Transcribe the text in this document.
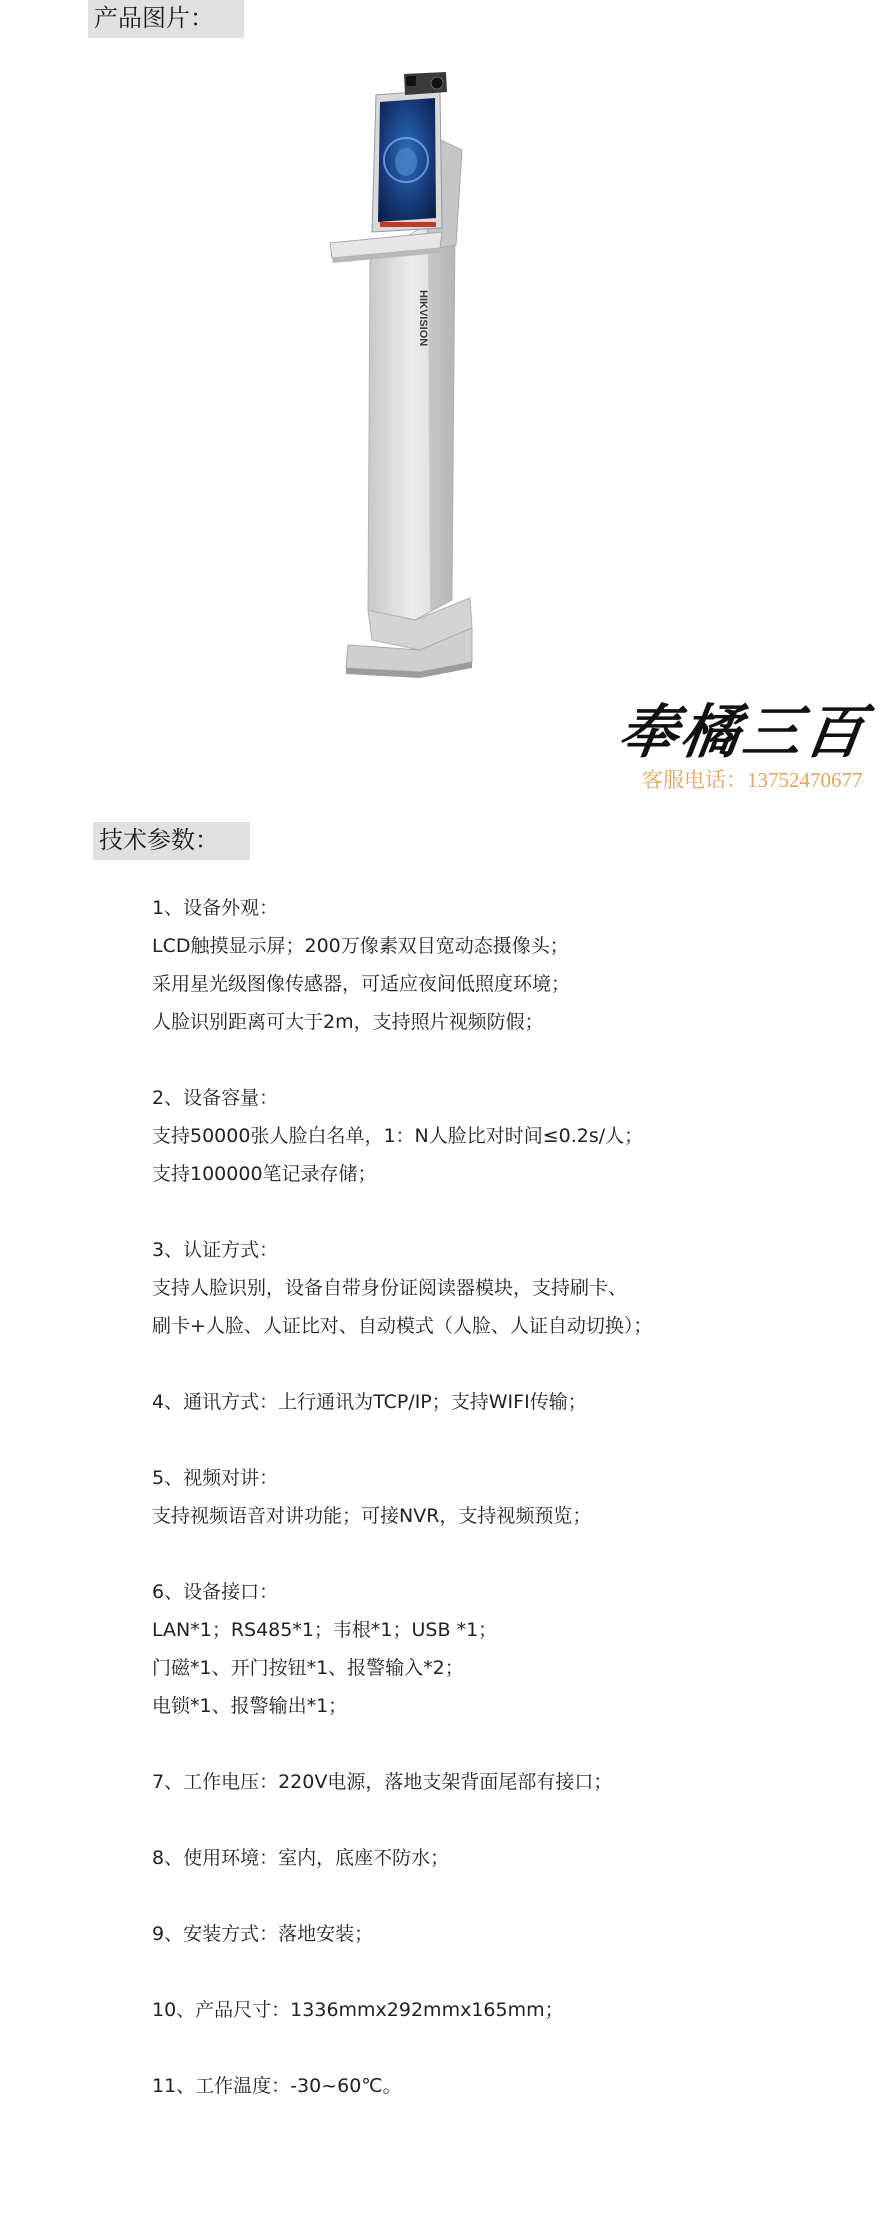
产品图片：
HIKVISION
奉橘三百
客服电话：13752470677
技术参数：
1、设备外观：
LCD触摸显示屏；200万像素双目宽动态摄像头；
采用星光级图像传感器，可适应夜间低照度环境；
人脸识别距离可大于2m，支持照片视频防假；
2、设备容量：
支持50000张人脸白名单，1：N人脸比对时间≤0.2s/人；
支持100000笔记录存储；
3、认证方式：
支持人脸识别，设备自带身份证阅读器模块，支持刷卡、
刷卡+人脸、人证比对、自动模式（人脸、人证自动切换）；
4、通讯方式：上行通讯为TCP/IP；支持WIFI传输；
5、视频对讲：
支持视频语音对讲功能；可接NVR，支持视频预览；
6、设备接口：
LAN*1；RS485*1；韦根*1；USB *1；
门磁*1、开门按钮*1、报警输入*2；
电锁*1、报警输出*1；
7、工作电压：220V电源，落地支架背面尾部有接口；
8、使用环境：室内，底座不防水；
9、安装方式：落地安装；
10、产品尺寸：1336mmx292mmx165mm；
11、工作温度：-30~60℃。
